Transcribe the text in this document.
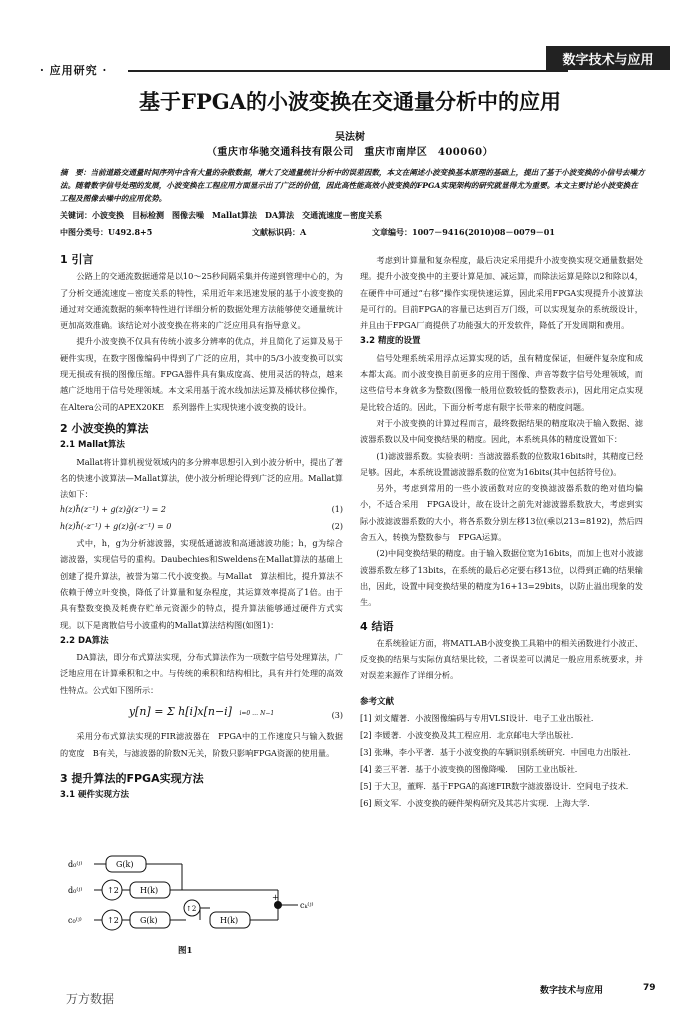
· 应用研究 ·
数字技术与应用
基于FPGA的小波变换在交通量分析中的应用
吴法树
（重庆市华驰交通科技有限公司　重庆市南岸区　400060）
摘　要：当前道路交通量时间序列中含有大量的杂散数据，增大了交通量统计分析中的误差因数，本文在阐述小波变换基本原理的基础上，提出了基于小波变换的小信号去噪方法。随着数字信号处理的发展，小波变换在工程应用方面显示出了广泛的价值，因此高性能高效小波变换的FPGA实现架构的研究就显得尤为重要。本文主要讨论小波变换在工程及图像去噪中的应用优势。
关键词：小波变换　目标检测　图像去噪　Mallat算法　DA算法　交通流速度－密度关系
中图分类号：U492.8+5	文献标识码：A	文章编号：1007－9416(2010)08－0079－01
1 引言

公路上的交通流数据通常是以10～25秒间隔采集并传递到管理中心的，为了分析交通流速度－密度关系的特性，采用近年来迅速发展的基于小波变换的通过对交通流数据的频率特性进行详细分析的数据处理方法能够使交通量统计更加高效准确。该结论对小波变换在将来的广泛应用具有指导意义。

提升小波变换不仅具有传统小波多分辨率的优点，并且简化了运算及易于硬件实现，在数字图像编码中得到了广泛的应用，其中的5/3小波变换可以实现无损或有损的图像压缩。FPGA器件具有集成度高、使用灵活的特点，越来越广泛地用于信号处理领域。本文采用基于流水线加法运算及桶状移位操作，在Altera公司的APEX20KE　系列器件上实现快速小波变换的设计。

2 小波变换的算法
2.1 Mallat算法

Mallat将计算机视觉领域内的多分辨率思想引入到小波分析中，提出了著名的快速小波算法—Mallat算法，使小波分析理论得到广泛的应用。Mallat算法如下：

h(z)h̃(z⁻¹) + g(z)g̃(z⁻¹) = 2	(1)
h(z)h̃(-z⁻¹) + g(z)g̃(-z⁻¹) = 0	(2)

式中，h，g为分析滤波器，实现低通滤波和高通滤波功能；h，g为综合滤波器，实现信号的重构。Daubechies和Sweldens在Mallat算法的基础上创建了提升算法，被誉为第二代小波变换。与Mallat　算法相比，提升算法不依赖于傅立叶变换，降低了计算量和复杂程度，其运算效率提高了1倍。由于具有整数变换及耗费存贮单元资源少的特点，提升算法能够通过硬件方式实现。以下是离散信号小波重构的Mallat算法结构图(如图1)：

2.2 DA算法

DA算法，即分布式算法实现，分布式算法作为一项数字信号处理算法，广泛地应用在计算乘积和之中。与传统的乘积和结构相比，具有并行处理的高效性特点。公式如下图所示：

y[n] = Σ h[i]x[n−i] i=0 … N−1	(3)

采用分布式算法实现的FIR滤波器在　FPGA中的工作速度只与输入数据的宽度　B有关，与滤波器的阶数N无关，阶数只影响FPGA资源的使用量。

3 提升算法的FPGA实现方法
3.1 硬件实现方法
d₀⁽ʲ⁾
d₀⁽ʲ⁾
c₀⁽ʲ⁾
↑2
↑2
↑2
G(k)
H(k)
G(k)	H(k)
+
cₖ⁽ʲ⁾
图1

考虑到计算量和复杂程度，最后决定采用提升小波变换实现交通量数据处理。提升小波变换中的主要计算是加、减运算，而除法运算是除以2和除以4，在硬件中可通过“右移”操作实现快速运算，因此采用FPGA实现提升小波算法是可行的。目前FPGA的容量已达到百万门级，可以实现复杂的系统级设计，并且由于FPGA厂商提供了功能强大的开发软件，降低了开发周期和费用。

3.2 精度的设置

信号处理系统采用浮点运算实现的话，虽有精度保证，但硬件复杂度和成本都太高。而小波变换目前更多的应用于图像、声音等数字信号处理领域，而这些信号本身就多为整数(图像一般用位数较低的整数表示)，因此用定点实现是比较合适的。因此，下面分析考虑有限字长带来的精度问题。

对于小波变换的计算过程而言，最终数据结果的精度取决于输入数据、滤波器系数以及中间变换结果的精度。因此，本系统具体的精度设置如下：

(1)滤波器系数。实验表明：当滤波器系数的位数取16bits时，其精度已经足够。因此，本系统设置滤波器系数的位宽为16bits(其中包括符号位)。

另外，考虑到常用的一些小波函数对应的变换滤波器系数的绝对值均偏小，不适合采用　FPGA设计，故在设计之前先对滤波器系数放大，考虑到实际小波滤波器系数的大小，将各系数分别左移13位(乘以213=8192)，然后四舍五入，转换为整数参与　FPGA运算。

(2)中间变换结果的精度。由于输入数据位宽为16bits，而加上也对小波滤波器系数左移了13bits，在系统的最后必定要右移13位，以得到正确的结果输出，因此，设置中间变换结果的精度为16+13=29bits，以防止溢出现象的发生。

4 结语

在系统验证方面，将MATLAB小波变换工具箱中的相关函数进行小波正、反变换的结果与实际仿真结果比较，二者误差可以满足一般应用系统要求，并对误差来源作了详细分析。

参考文献
[1] 刘文耀著．小波图像编码与专用VLSI设计．电子工业出版社．
[2] 李媛著．小波变换及其工程应用．北京邮电大学出版社．
[3] 张琳，李小平著．基于小波变换的车辆识别系统研究．中国电力出版社．
[4] 姜三平著．基于小波变换的图像降噪．　国防工业出版社．
[5] 于大卫，董辉．基于FPGA的高速FIR数字滤波器设计．空间电子技术．
[6] 顾文军．小波变换的硬件架构研究及其芯片实现．上海大学．
数字技术与应用	79
万方数据
